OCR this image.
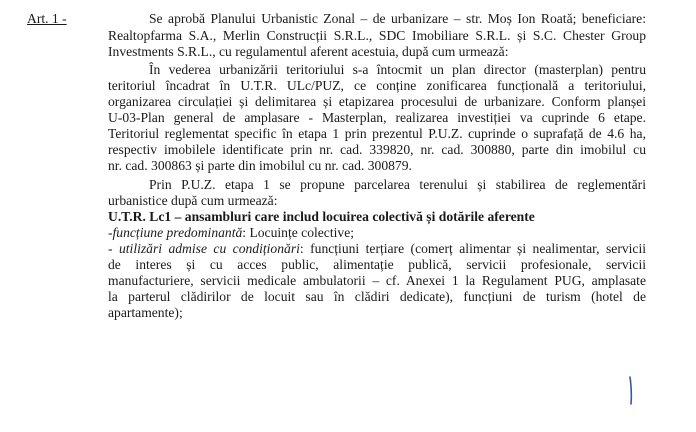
Art. 1 -	Se aprobă Planului Urbanistic Zonal – de urbanizare – str. Moș Ion Roată; beneficiare:
Realtopfarma S.A., Merlin Construcții S.R.L., SDC Imobiliare S.R.L. și S.C. Chester Group
Investments S.R.L., cu regulamentul aferent acestuia, după cum urmează:
În vederea urbanizării teritoriului s-a întocmit un plan director (masterplan) pentru
teritoriul încadrat în U.T.R. ULc/PUZ, ce conține zonificarea funcțională a teritoriului,
organizarea circulației și delimitarea și etapizarea procesului de urbanizare. Conform planșei
U-03-Plan general de amplasare - Masterplan, realizarea investiției va cuprinde 6 etape.
Teritoriul reglementat specific în etapa 1 prin prezentul P.U.Z. cuprinde o suprafață de 4.6 ha,
respectiv imobilele identificate prin nr. cad. 339820, nr. cad. 300880, parte din imobilul cu
nr. cad. 300863 și parte din imobilul cu nr. cad. 300879.
Prin P.U.Z. etapa 1 se propune parcelarea terenului și stabilirea de reglementări
urbanistice după cum urmează:
U.T.R. Lc1 – ansambluri care includ locuirea colectivă și dotările aferente
-funcțiune predominantă: Locuințe colective;
- utilizări admise cu condiționări: funcțiuni terțiare (comerț alimentar și nealimentar, servicii
de interes și cu acces public, alimentație publică, servicii profesionale, servicii
manufacturiere, servicii medicale ambulatorii – cf. Anexei 1 la Regulament PUG, amplasate
la parterul clădirilor de locuit sau în clădiri dedicate), funcțiuni de turism (hotel de
apartamente);
